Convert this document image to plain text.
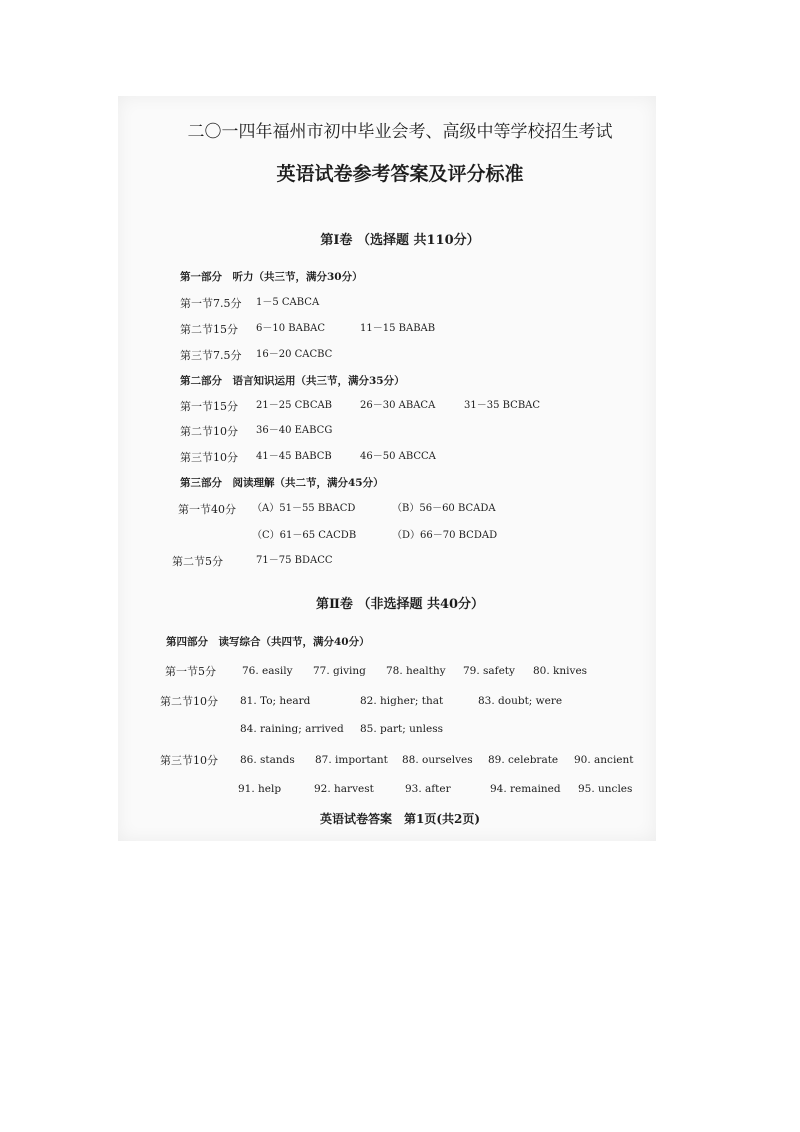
二〇一四年福州市初中毕业会考、高级中等学校招生考试
英语试卷参考答案及评分标准
第Ⅰ卷 （选择题 共110分）
第一部分　听力（共三节，满分30分）
第一节7.5分 1－5 CABCA
第二节15分 6－10 BABAC	11－15 BABAB
第三节7.5分 16－20 CACBC
第二部分　语言知识运用（共三节，满分35分）
第一节15分 21－25 CBCAB	26－30 ABACA	31－35 BCBAC
第二节10分 36－40 EABCG
第三节10分 41－45 BABCB	46－50 ABCCA
第三部分　阅读理解（共二节，满分45分）
第一节40分 （A）51－55 BBACD	（B）56－60 BCADA
（C）61－65 CACDB	（D）66－70 BCDAD
第二节5分	71－75 BDACC
第Ⅱ卷 （非选择题 共40分）
第四部分　读写综合（共四节，满分40分）
第一节5分 76. easily 77. giving 78. healthy 79. safety 80. knives
第二节10分 81. To; heard	82. higher; that	83. doubt; were
84. raining; arrived 85. part; unless
第三节10分 86. stands 87. important 88. ourselves 89. celebrate 90. ancient
91. help	92. harvest	93. after	94. remained 95. uncles
英语试卷答案　第1页(共2页)
